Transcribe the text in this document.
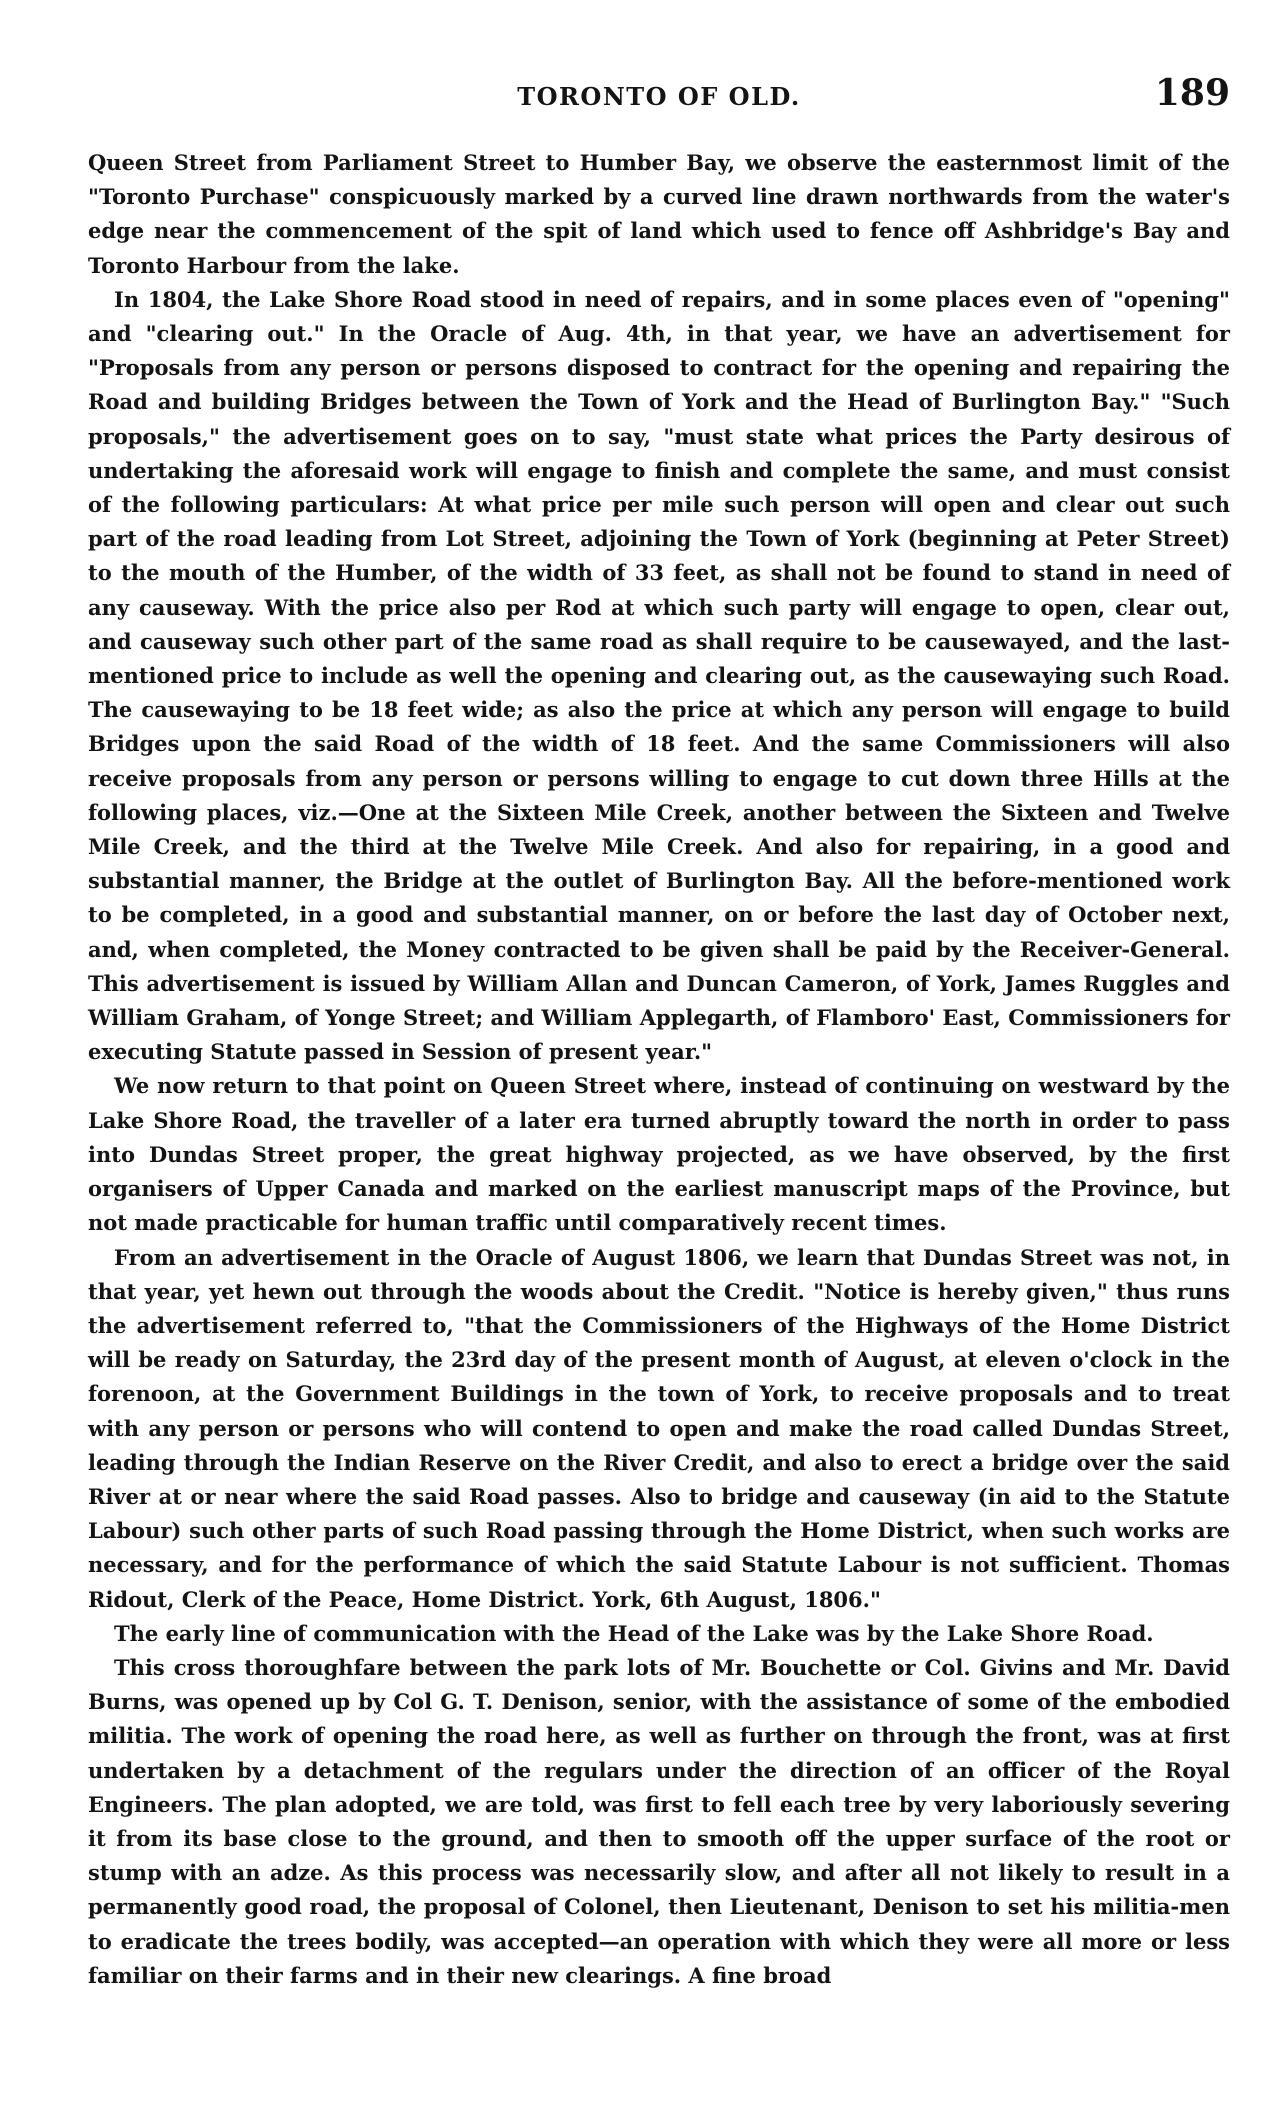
TORONTO OF OLD.	189

Queen Street from Parliament Street to Humber Bay, we observe the easternmost limit of the "Toronto Purchase" conspicuously marked by a curved line drawn northwards from the water's edge near the commencement of the spit of land which used to fence off Ashbridge's Bay and Toronto Harbour from the lake.

In 1804, the Lake Shore Road stood in need of repairs, and in some places even of "opening" and "clearing out." In the Oracle of Aug. 4th, in that year, we have an advertisement for "Proposals from any person or persons disposed to contract for the opening and repairing the Road and building Bridges between the Town of York and the Head of Burlington Bay." "Such proposals," the advertisement goes on to say, "must state what prices the Party desirous of undertaking the aforesaid work will engage to finish and complete the same, and must consist of the following particulars: At what price per mile such person will open and clear out such part of the road leading from Lot Street, adjoining the Town of York (beginning at Peter Street) to the mouth of the Humber, of the width of 33 feet, as shall not be found to stand in need of any causeway. With the price also per Rod at which such party will engage to open, clear out, and causeway such other part of the same road as shall require to be causewayed, and the last-mentioned price to include as well the opening and clearing out, as the causewaying such Road. The causewaying to be 18 feet wide; as also the price at which any person will engage to build Bridges upon the said Road of the width of 18 feet. And the same Commissioners will also receive proposals from any person or persons willing to engage to cut down three Hills at the following places, viz.—One at the Sixteen Mile Creek, another between the Sixteen and Twelve Mile Creek, and the third at the Twelve Mile Creek. And also for repairing, in a good and substantial manner, the Bridge at the outlet of Burlington Bay. All the before-mentioned work to be completed, in a good and substantial manner, on or before the last day of October next, and, when completed, the Money contracted to be given shall be paid by the Receiver-General. This advertisement is issued by William Allan and Duncan Cameron, of York, James Ruggles and William Graham, of Yonge Street; and William Applegarth, of Flamboro' East, Commissioners for executing Statute passed in Session of present year."

We now return to that point on Queen Street where, instead of continuing on westward by the Lake Shore Road, the traveller of a later era turned abruptly toward the north in order to pass into Dundas Street proper, the great highway projected, as we have observed, by the first organisers of Upper Canada and marked on the earliest manuscript maps of the Province, but not made practicable for human traffic until comparatively recent times.

From an advertisement in the Oracle of August 1806, we learn that Dundas Street was not, in that year, yet hewn out through the woods about the Credit. "Notice is hereby given," thus runs the advertisement referred to, "that the Commissioners of the Highways of the Home District will be ready on Saturday, the 23rd day of the present month of August, at eleven o'clock in the forenoon, at the Government Buildings in the town of York, to receive proposals and to treat with any person or persons who will contend to open and make the road called Dundas Street, leading through the Indian Reserve on the River Credit, and also to erect a bridge over the said River at or near where the said Road passes. Also to bridge and causeway (in aid to the Statute Labour) such other parts of such Road passing through the Home District, when such works are necessary, and for the performance of which the said Statute Labour is not sufficient. Thomas Ridout, Clerk of the Peace, Home District. York, 6th August, 1806."

The early line of communication with the Head of the Lake was by the Lake Shore Road.

This cross thoroughfare between the park lots of Mr. Bouchette or Col. Givins and Mr. David Burns, was opened up by Col G. T. Denison, senior, with the assistance of some of the embodied militia. The work of opening the road here, as well as further on through the front, was at first undertaken by a detachment of the regulars under the direction of an officer of the Royal Engineers. The plan adopted, we are told, was first to fell each tree by very laboriously severing it from its base close to the ground, and then to smooth off the upper surface of the root or stump with an adze. As this process was necessarily slow, and after all not likely to result in a permanently good road, the proposal of Colonel, then Lieutenant, Denison to set his militia-men to eradicate the trees bodily, was accepted—an operation with which they were all more or less familiar on their farms and in their new clearings. A fine broad
